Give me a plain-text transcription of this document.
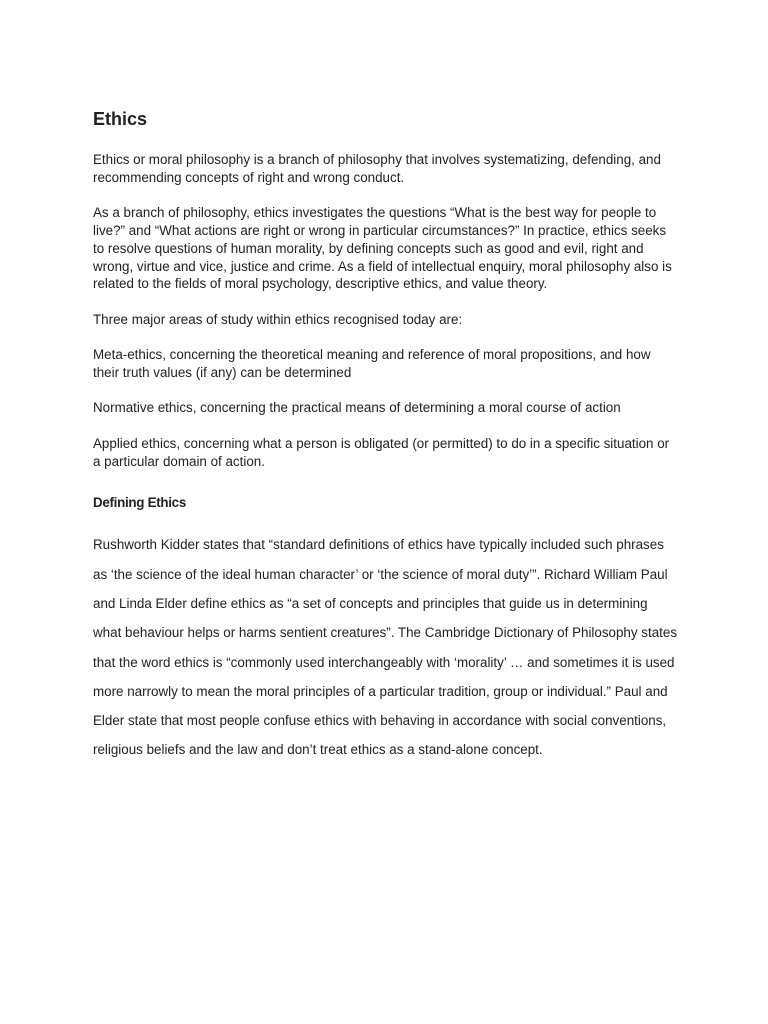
Ethics

Ethics or moral philosophy is a branch of philosophy that involves systematizing, defending, and recommending concepts of right and wrong conduct.

As a branch of philosophy, ethics investigates the questions “What is the best way for people to live?” and “What actions are right or wrong in particular circumstances?” In practice, ethics seeks to resolve questions of human morality, by defining concepts such as good and evil, right and wrong, virtue and vice, justice and crime. As a field of intellectual enquiry, moral philosophy also is related to the fields of moral psychology, descriptive ethics, and value theory.

Three major areas of study within ethics recognised today are:

Meta-ethics, concerning the theoretical meaning and reference of moral propositions, and how their truth values (if any) can be determined

Normative ethics, concerning the practical means of determining a moral course of action

Applied ethics, concerning what a person is obligated (or permitted) to do in a specific situation or a particular domain of action.

Defining Ethics

Rushworth Kidder states that “standard definitions of ethics have typically included such phrases as ‘the science of the ideal human character’ or ‘the science of moral duty’”. Richard William Paul and Linda Elder define ethics as “a set of concepts and principles that guide us in determining what behaviour helps or harms sentient creatures”. The Cambridge Dictionary of Philosophy states that the word ethics is “commonly used interchangeably with ‘morality’ … and sometimes it is used more narrowly to mean the moral principles of a particular tradition, group or individual.” Paul and Elder state that most people confuse ethics with behaving in accordance with social conventions, religious beliefs and the law and don’t treat ethics as a stand-alone concept.
